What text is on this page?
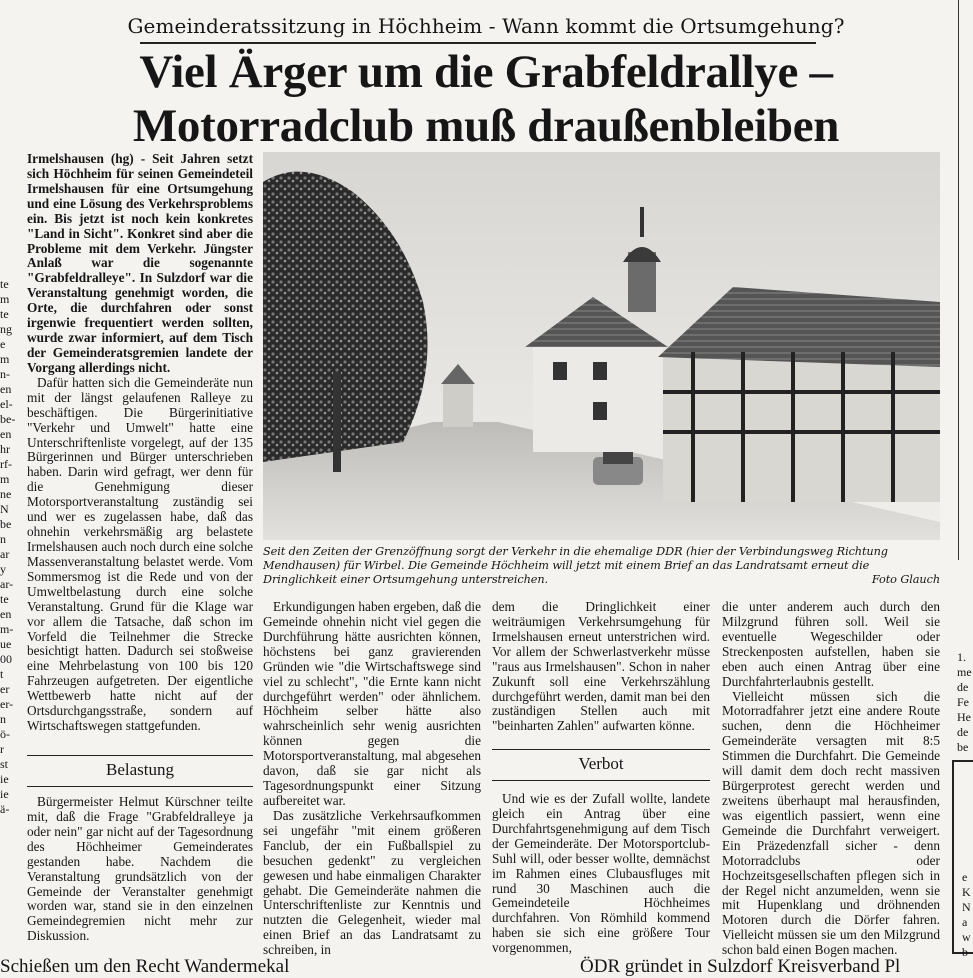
te
m
te
ng
e
m
n-
en
el-
be-
en
hr
rf-
m
ne
N
be
n
ar
y
ar-
te
en
m-
ue
00
t
er
er-
n
ö-
r
st
ie
ie
ä-
1.
me
de
Fe
He
de
be
e
K
N
a
w
b
Gemeinderatssitzung in Höchheim - Wann kommt die Ortsumgehung?
Viel Ärger um die Grabfeldrallye –
Motorradclub muß draußenbleiben

Irmelshausen (hg) - Seit Jahren setzt sich Höchheim für seinen Gemeindeteil Irmelshausen für eine Ortsumgehung und eine Lösung des Verkehrsproblems ein. Bis jetzt ist noch kein konkretes "Land in Sicht". Konkret sind aber die Probleme mit dem Verkehr. Jüngster Anlaß war die sogenannte "Grabfeldralleye". In Sulzdorf war die Veranstaltung genehmigt worden, die Orte, die durchfahren oder sonst irgenwie frequentiert werden sollten, wurde zwar informiert, auf dem Tisch der Gemeinderatsgremien landete der Vorgang allerdings nicht.

Dafür hatten sich die Gemeinderäte nun mit der längst gelaufenen Ralleye zu beschäftigen. Die Bürgerinitiative "Verkehr und Umwelt" hatte eine Unterschriftenliste vorgelegt, auf der 135 Bürgerinnen und Bürger unterschrieben haben. Darin wird gefragt, wer denn für die Genehmigung dieser Motorsportveranstaltung zuständig sei und wer es zugelassen habe, daß das ohnehin verkehrsmäßig arg belastete Irmelshausen auch noch durch eine solche Massenveranstaltung belastet werde. Vom Sommersmog ist die Rede und von der Umweltbelastung durch eine solche Veranstaltung. Grund für die Klage war vor allem die Tatsache, daß schon im Vorfeld die Teilnehmer die Strecke besichtigt hatten. Dadurch sei stoßweise eine Mehrbelastung von 100 bis 120 Fahrzeugen aufgetreten. Der eigentliche Wettbewerb hatte nicht auf der Ortsdurchgangsstraße, sondern auf Wirtschaftswegen stattgefunden.

Belastung

Bürgermeister Helmut Kürschner teilte mit, daß die Frage "Grabfeldralleye ja oder nein" gar nicht auf der Tagesordnung des Höchheimer Gemeinderates gestanden habe. Nachdem die Veranstaltung grundsätzlich von der Gemeinde der Veranstalter genehmigt worden war, stand sie in den einzelnen Gemeindegremien nicht mehr zur Diskussion.

Seit den Zeiten der Grenzöffnung sorgt der Verkehr in die ehemalige DDR (hier der Verbindungsweg Richtung Mendhausen) für Wirbel. Die Gemeinde Höchheim will jetzt mit einem Brief an das Landratsamt erneut die Dringlichkeit einer Ortsumgehung unterstreichen.	Foto Glauch

Erkundigungen haben ergeben, daß die Gemeinde ohnehin nicht viel gegen die Durchführung hätte ausrichten können, höchstens bei ganz gravierenden Gründen wie "die Wirtschaftswege sind viel zu schlecht", "die Ernte kann nicht durchgeführt werden" oder ähnlichem. Höchheim selber hätte also wahrscheinlich sehr wenig ausrichten können gegen die Motorsportveranstaltung, mal abgesehen davon, daß sie gar nicht als Tagesordnungspunkt einer Sitzung aufbereitet war.

Das zusätzliche Verkehrsaufkommen sei ungefähr "mit einem größeren Fanclub, der ein Fußballspiel zu besuchen gedenkt" zu vergleichen gewesen und habe einmaligen Charakter gehabt. Die Gemeinderäte nahmen die Unterschriftenliste zur Kenntnis und nutzten die Gelegenheit, wieder mal einen Brief an das Landratsamt zu schreiben, in

dem die Dringlichkeit einer weiträumigen Verkehrsumgehung für Irmelshausen erneut unterstrichen wird. Vor allem der Schwerlastverkehr müsse "raus aus Irmelshausen". Schon in naher Zukunft soll eine Verkehrszählung durchgeführt werden, damit man bei den zuständigen Stellen auch mit "beinharten Zahlen" aufwarten könne.

Verbot

Und wie es der Zufall wollte, landete gleich ein Antrag über eine Durchfahrtsgenehmigung auf dem Tisch der Gemeinderäte. Der Motorsportclub-Suhl will, oder besser wollte, demnächst im Rahmen eines Clubausfluges mit rund 30 Maschinen auch die Gemeindeteile Höchheimes durchfahren. Von Römhild kommend haben sie sich eine größere Tour vorgenommen,

die unter anderem auch durch den Milzgrund führen soll. Weil sie eventuelle Wegeschilder oder Streckenposten aufstellen, haben sie eben auch einen Antrag über eine Durchfahrterlaubnis gestellt.

Vielleicht müssen sich die Motorradfahrer jetzt eine andere Route suchen, denn die Höchheimer Gemeinderäte versagten mit 8:5 Stimmen die Durchfahrt. Die Gemeinde will damit dem doch recht massiven Bürgerprotest gerecht werden und zweitens überhaupt mal herausfinden, was eigentlich passiert, wenn eine Gemeinde die Durchfahrt verweigert. Ein Präzedenzfall sicher - denn Motorradclubs oder Hochzeitsgesellschaften pflegen sich in der Regel nicht anzumelden, wenn sie mit Hupenklang und dröhnenden Motoren durch die Dörfer fahren. Vielleicht müssen sie um den Milzgrund schon bald einen Bogen machen.

Schießen um den Recht Wandermekal	ÖDR gründet in Sulzdorf Kreisverband Pl
